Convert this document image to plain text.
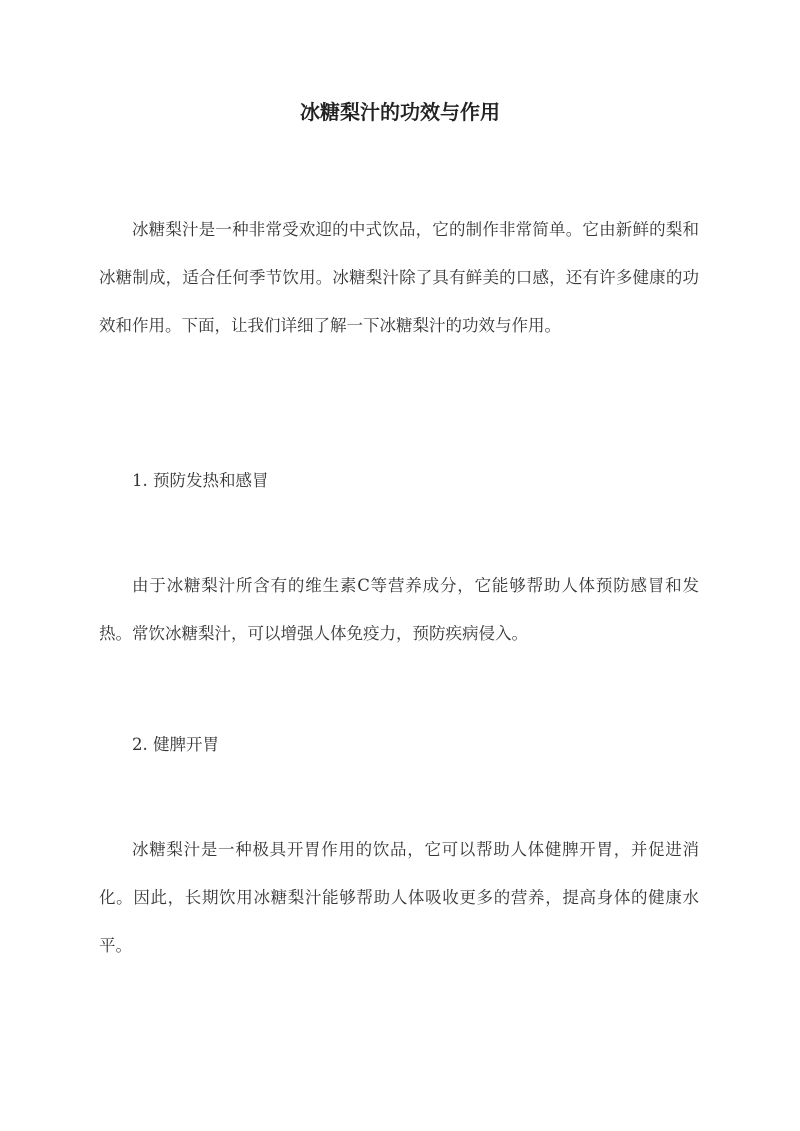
冰糖梨汁的功效与作用

冰糖梨汁是一种非常受欢迎的中式饮品，它的制作非常简单。它由新鲜的梨和冰糖制成，适合任何季节饮用。冰糖梨汁除了具有鲜美的口感，还有许多健康的功效和作用。下面，让我们详细了解一下冰糖梨汁的功效与作用。

1. 预防发热和感冒

由于冰糖梨汁所含有的维生素C等营养成分，它能够帮助人体预防感冒和发热。常饮冰糖梨汁，可以增强人体免疫力，预防疾病侵入。

2. 健脾开胃

冰糖梨汁是一种极具开胃作用的饮品，它可以帮助人体健脾开胃，并促进消化。因此，长期饮用冰糖梨汁能够帮助人体吸收更多的营养，提高身体的健康水平。
